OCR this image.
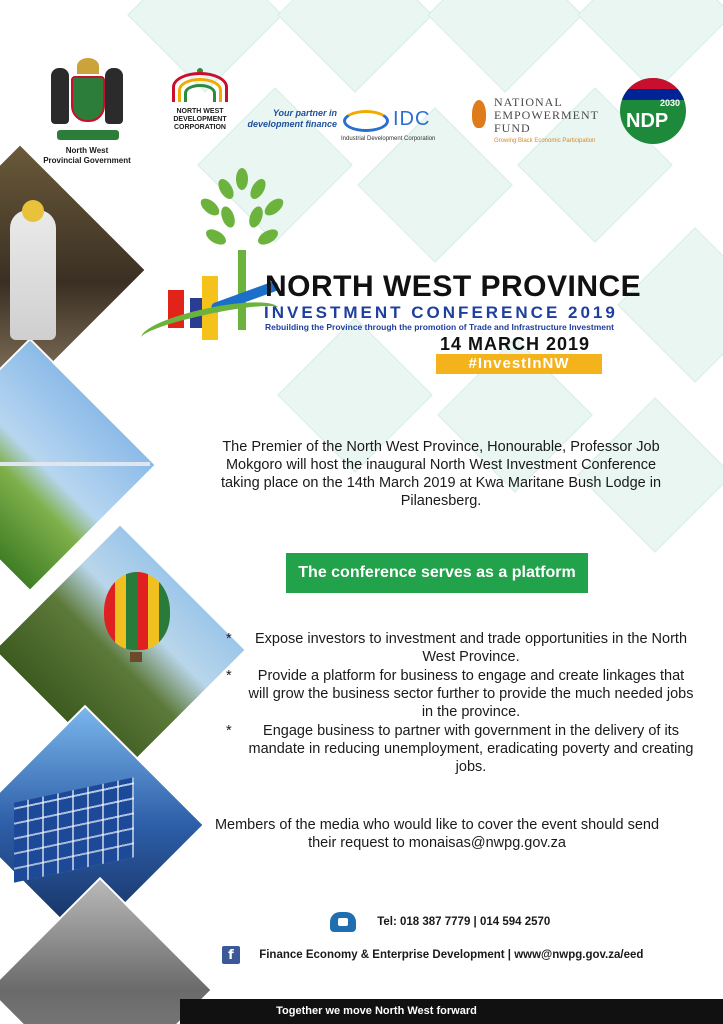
North West
Provincial Government
NORTH WEST
DEVELOPMENT
CORPORATION
Your partner in development finance	IDC
Industrial Development Corporation
NATIONAL
EMPOWERMENT
FUND
Growing Black Economic Participation
2030
NDP
NORTH WEST PROVINCE
INVESTMENT CONFERENCE 2019
Rebuilding the Province through the promotion of Trade and Infrastructure Investment
14 MARCH 2019
#InvestInNW

The Premier of the North West Province, Honourable, Professor Job Mokgoro will host the inaugural North West Investment Conference taking place on the 14th March 2019 at Kwa Maritane Bush Lodge in Pilanesberg.

The conference serves as a platform to:
* Expose investors to investment and trade opportunities in the North West Province.
* Provide a platform for business to engage and create linkages that will grow the business sector further to provide the much needed jobs in the province.
* Engage business to partner with government in the delivery of its mandate in reducing unemployment, eradicating poverty and creating jobs.

Members of the media who would like to cover the event should send their request to monaisas@nwpg.gov.za

Tel: 018 387 7779 | 014 594 2570
f Finance Economy & Enterprise Development | www@nwpg.gov.za/eed
Together we move North West forward
